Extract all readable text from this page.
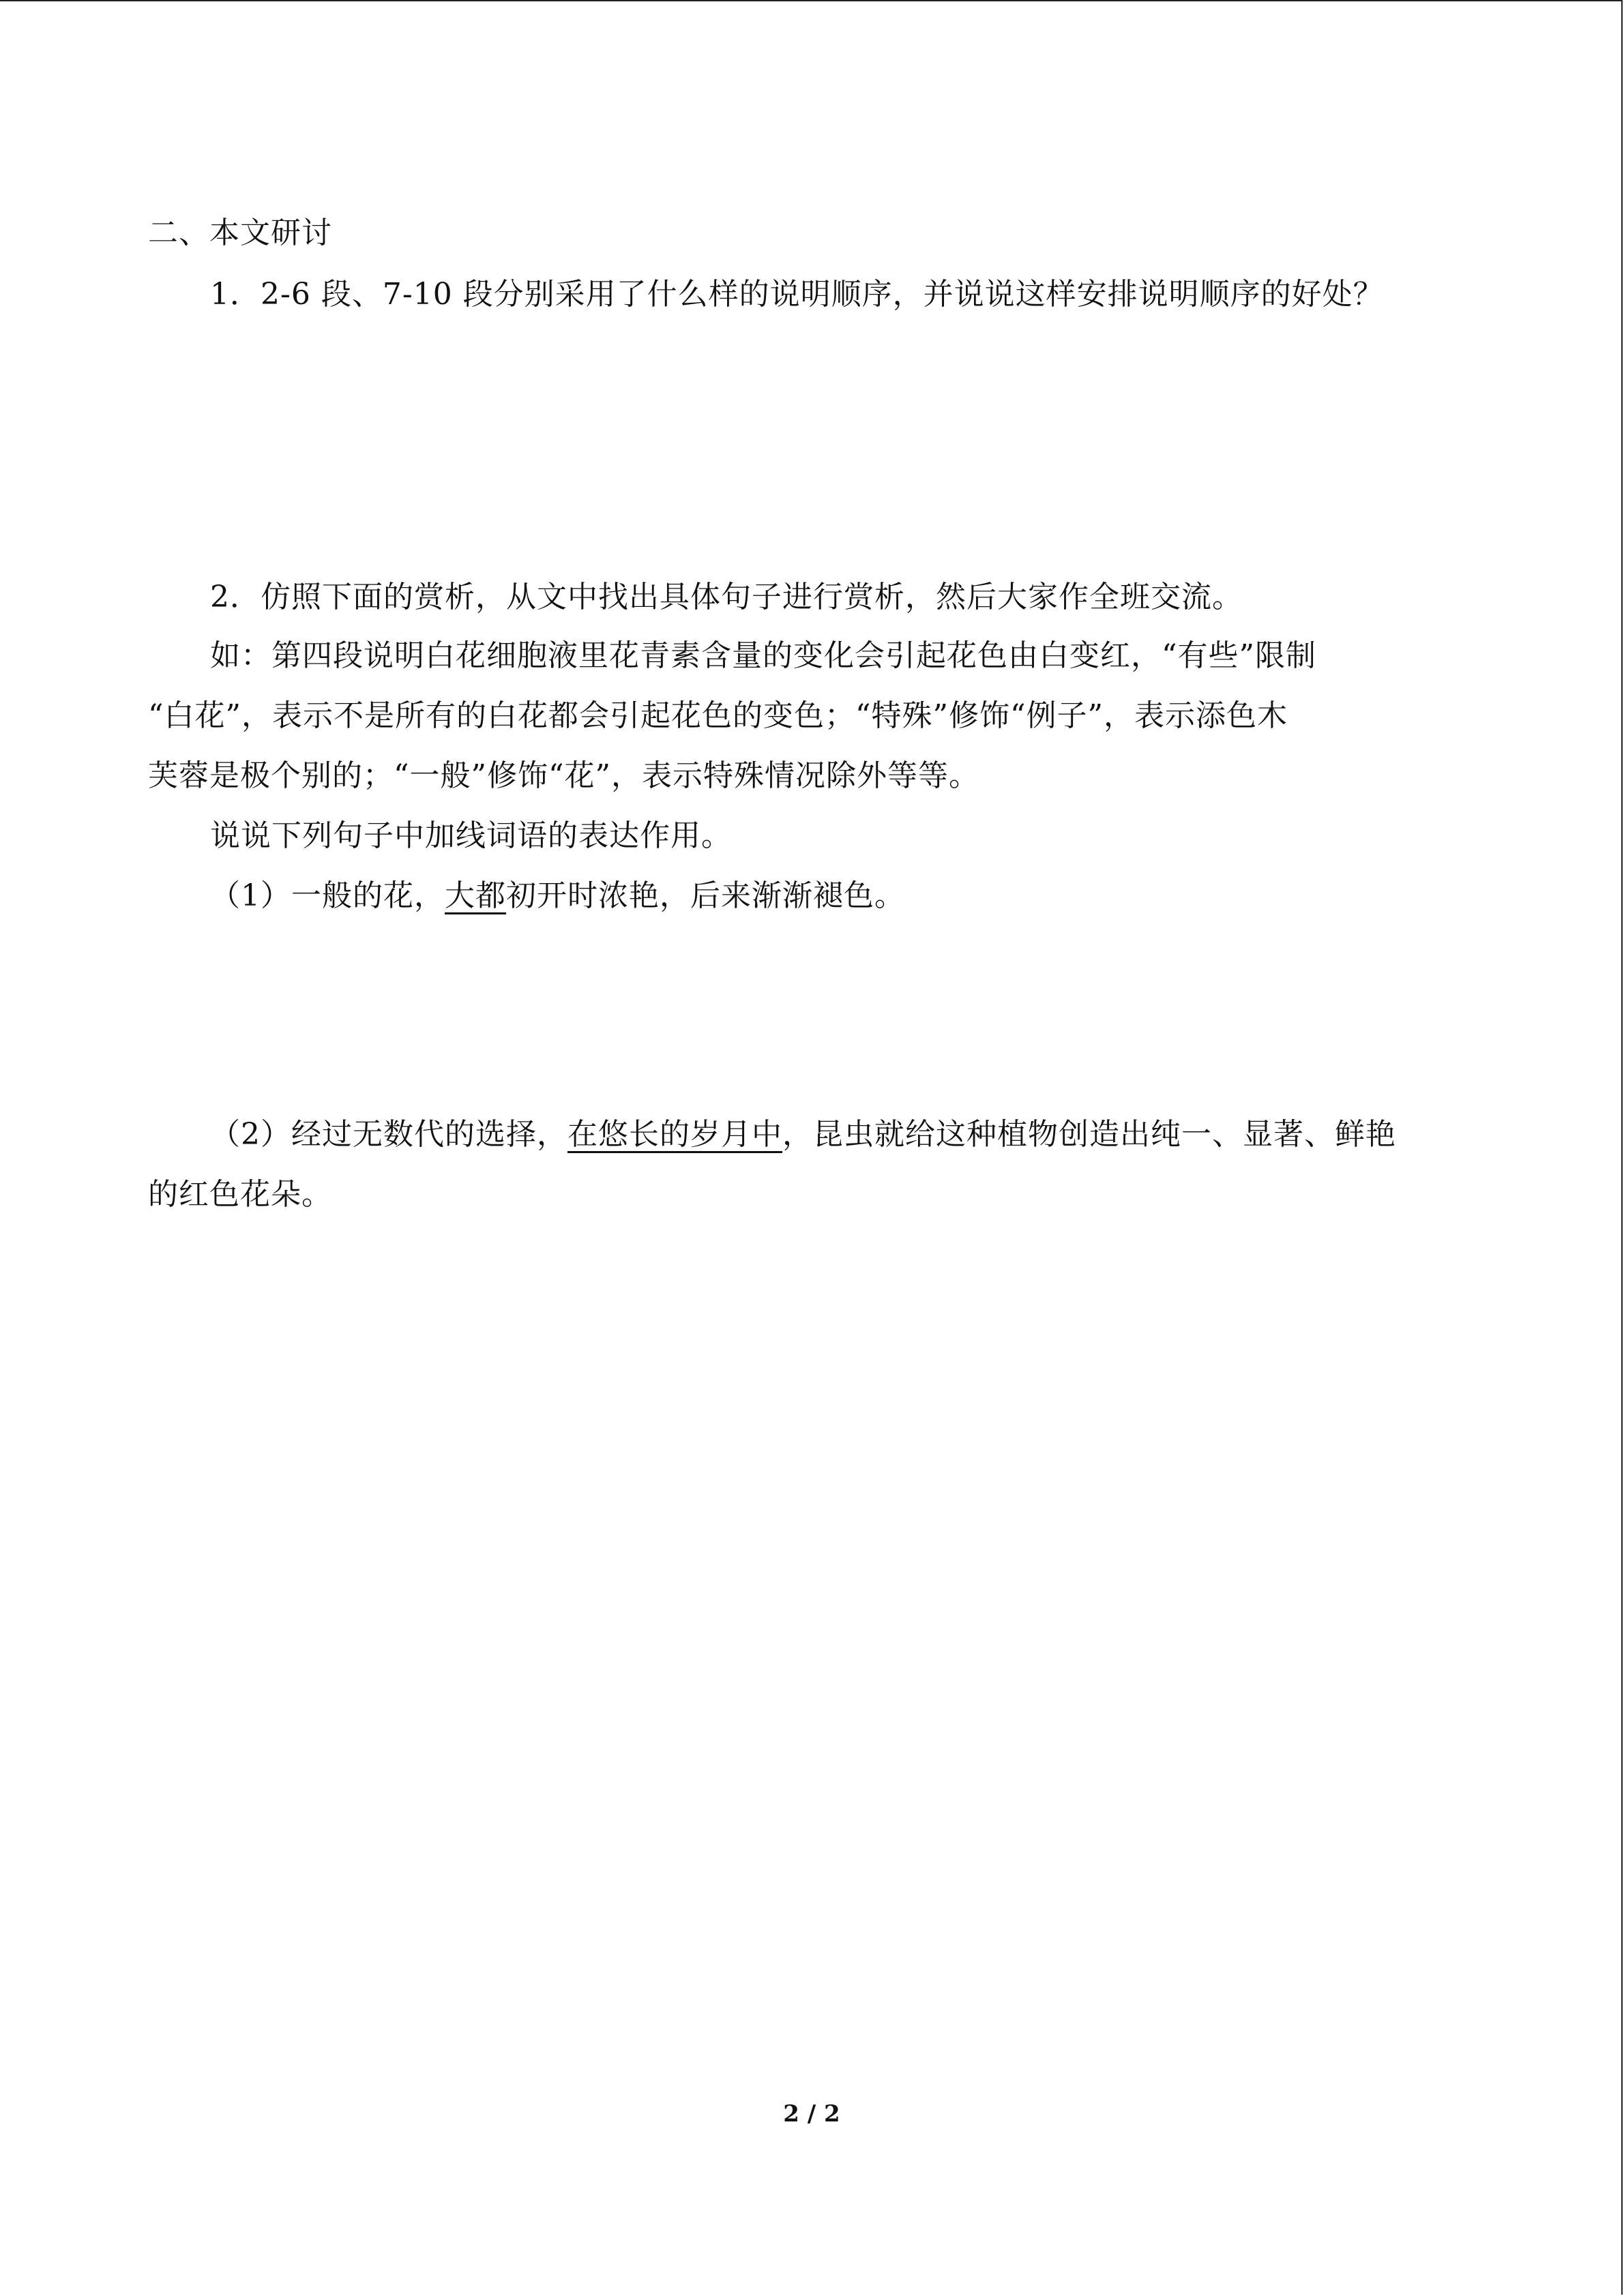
二、本文研讨
1．2-6 段、7-10 段分别采用了什么样的说明顺序，并说说这样安排说明顺序的好处？
2．仿照下面的赏析，从文中找出具体句子进行赏析，然后大家作全班交流。
如：第四段说明白花细胞液里花青素含量的变化会引起花色由白变红，“有些”限制
“白花”，表示不是所有的白花都会引起花色的变色；“特殊”修饰“例子”，表示添色木
芙蓉是极个别的；“一般”修饰“花”，表示特殊情况除外等等。
说说下列句子中加线词语的表达作用。
（1）一般的花，大都初开时浓艳，后来渐渐褪色。
（2）经过无数代的选择，在悠长的岁月中，昆虫就给这种植物创造出纯一、显著、鲜艳
的红色花朵。
2 / 2
